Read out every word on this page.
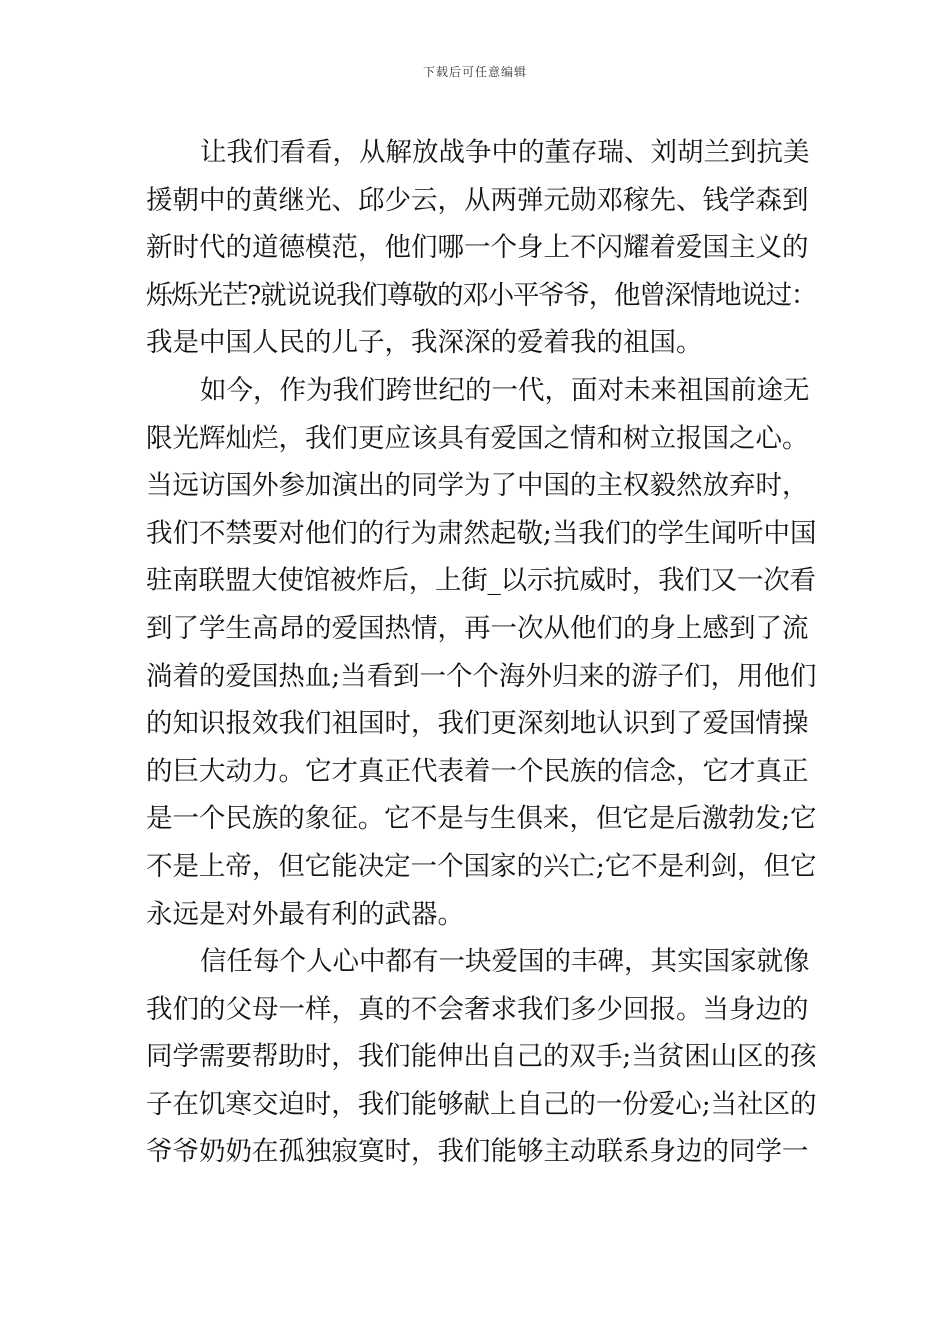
下载后可任意编辑
让我们看看，从解放战争中的董存瑞、刘胡兰到抗美
援朝中的黄继光、邱少云，从两弹元勋邓稼先、钱学森到
新时代的道德模范，他们哪一个身上不闪耀着爱国主义的
烁烁光芒?就说说我们尊敬的邓小平爷爷，他曾深情地说过：
我是中国人民的儿子，我深深的爱着我的祖国。
如今，作为我们跨世纪的一代，面对未来祖国前途无
限光辉灿烂，我们更应该具有爱国之情和树立报国之心。
当远访国外参加演出的同学为了中国的主权毅然放弃时，
我们不禁要对他们的行为肃然起敬;当我们的学生闻听中国
驻南联盟大使馆被炸后，上街_以示抗威时，我们又一次看
到了学生高昂的爱国热情，再一次从他们的身上感到了流
淌着的爱国热血;当看到一个个海外归来的游子们，用他们
的知识报效我们祖国时，我们更深刻地认识到了爱国情操
的巨大动力。它才真正代表着一个民族的信念，它才真正
是一个民族的象征。它不是与生俱来，但它是后激勃发;它
不是上帝，但它能决定一个国家的兴亡;它不是利剑，但它
永远是对外最有利的武器。
信任每个人心中都有一块爱国的丰碑，其实国家就像
我们的父母一样，真的不会奢求我们多少回报。当身边的
同学需要帮助时，我们能伸出自己的双手;当贫困山区的孩
子在饥寒交迫时，我们能够献上自己的一份爱心;当社区的
爷爷奶奶在孤独寂寞时，我们能够主动联系身边的同学一
